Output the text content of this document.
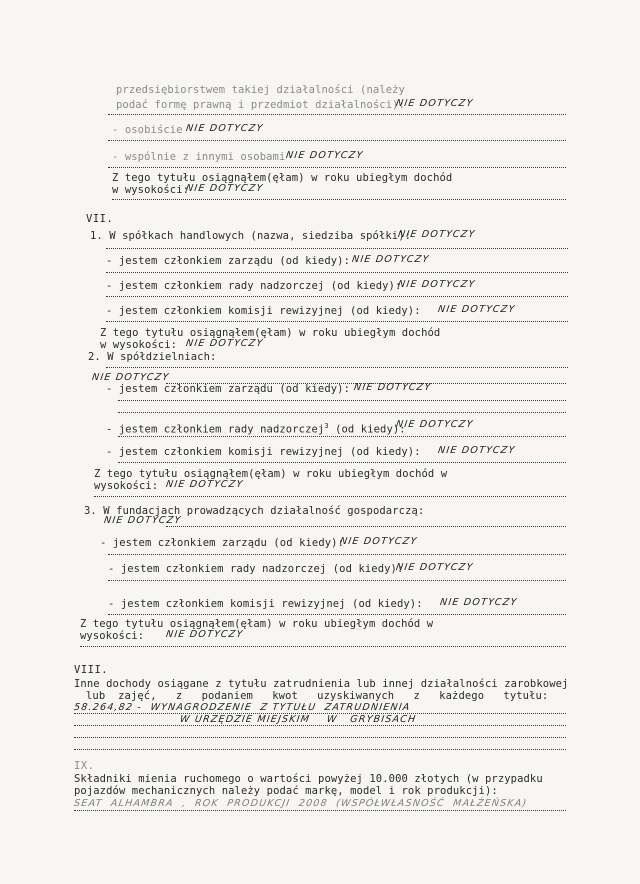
przedsiębiorstwem takiej działalności (należy
podać formę prawną i przedmiot działalności):
NIE DOTYCZY
- osobiście NIE DOTYCZY
- wspólnie z innymi osobami NIE DOTYCZY
Z tego tytułu osiągnąłem(ęłam) w roku ubiegłym dochód
w wysokości:
NIE DOTYCZY
VII.
1. W spółkach handlowych (nazwa, siedziba spółki):
NIE DOTYCZY
- jestem członkiem zarządu (od kiedy): NIE DOTYCZY
- jestem członkiem rady nadzorczej (od kiedy):
NIE DOTYCZY
- jestem członkiem komisji rewizyjnej (od kiedy): NIE DOTYCZY
Z tego tytułu osiągnąłem(ęłam) w roku ubiegłym dochód
w wysokości: NIE DOTYCZY
2. W spółdzielniach:
NIE DOTYCZY
- jestem członkiem zarządu (od kiedy): NIE DOTYCZY
- jestem członkiem rady nadzorczej$^3$ (od kiedy):
NIE DOTYCZY
- jestem członkiem komisji rewizyjnej (od kiedy): NIE DOTYCZY
Z tego tytułu osiągnąłem(ęłam) w roku ubiegłym dochód w
wysokości: NIE DOTYCZY
3. W fundacjach prowadzących działalność gospodarczą:
NIE DOTYCZY
- jestem członkiem zarządu (od kiedy):
NIE DOTYCZY
- jestem członkiem rady nadzorczej (od kiedy):
NIE DOTYCZY
- jestem członkiem komisji rewizyjnej (od kiedy): NIE DOTYCZY
Z tego tytułu osiągnąłem(ęłam) w roku ubiegłym dochód w
wysokości: NIE DOTYCZY
VIII.
Inne dochody osiągane z tytułu zatrudnienia lub innej działalności zarobkowej
lub  zajęć,   z   podaniem   kwot   uzyskiwanych   z   każdego   tytułu:
58.264,82 -  WYNAGRODZENIE  Z TYTUŁU  ZATRUDNIENIA
W URZĘDZIE MIEJSKIM    W   GRYBISACH
IX.
Składniki mienia ruchomego o wartości powyżej 10.000 złotych (w przypadku
pojazdów mechanicznych należy podać markę, model i rok produkcji):
SEAT  ALHAMBRA  ,  ROK  PRODUKCJI  2008  (WSPÓŁWŁASNOŚĆ  MAŁŻEŃSKA)
